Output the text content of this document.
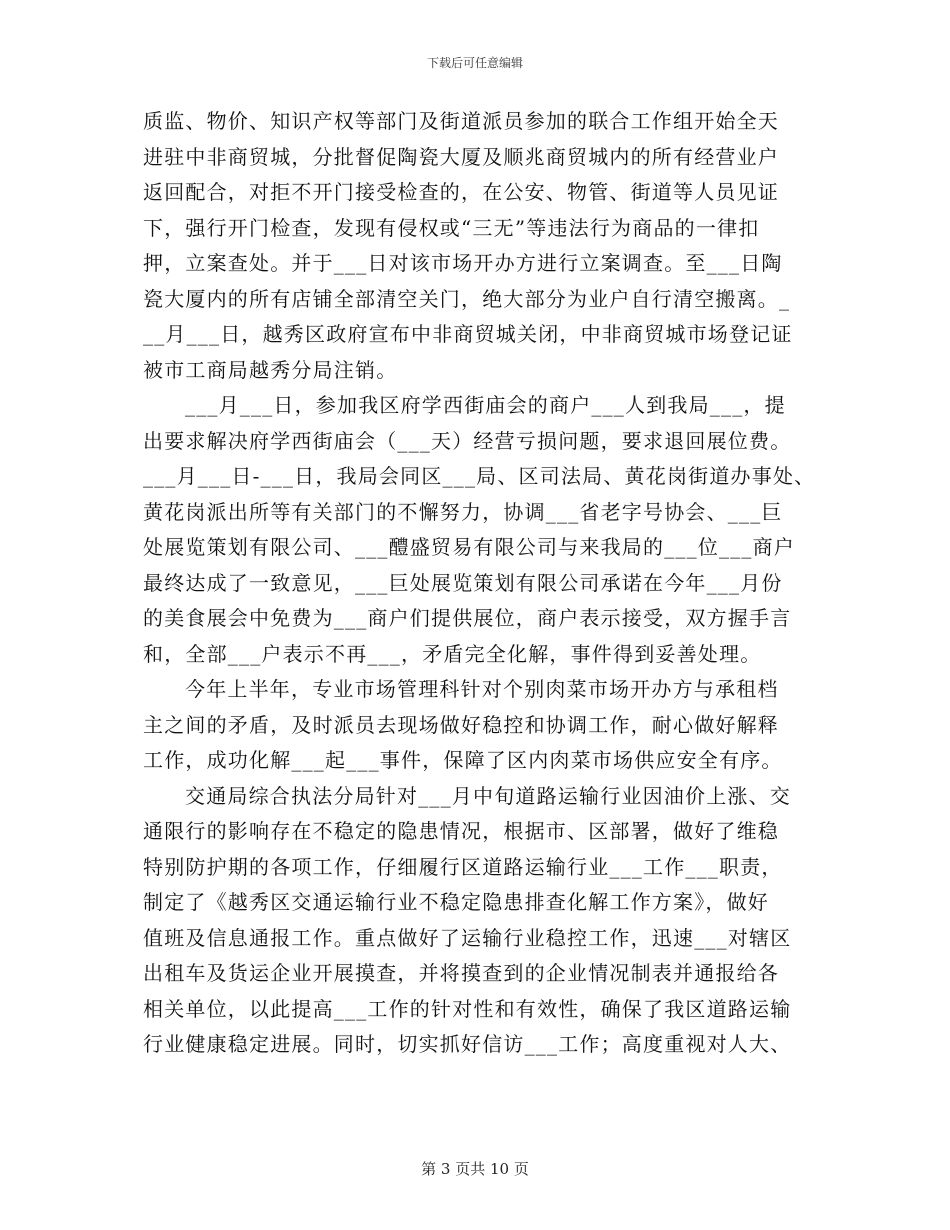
下载后可任意编辑
质监、物价、知识产权等部门及街道派员参加的联合工作组开始全天
进驻中非商贸城，分批督促陶瓷大厦及顺兆商贸城内的所有经营业户
返回配合，对拒不开门接受检查的，在公安、物管、街道等人员见证
下，强行开门检查，发现有侵权或“三无”等违法行为商品的一律扣
押，立案查处。并于___日对该市场开办方进行立案调查。至___日陶
瓷大厦内的所有店铺全部清空关门，绝大部分为业户自行清空搬离。_
__月___日，越秀区政府宣布中非商贸城关闭，中非商贸城市场登记证
被市工商局越秀分局注销。
___月___日，参加我区府学西街庙会的商户___人到我局___，提
出要求解决府学西街庙会（___天）经营亏损问题，要求退回展位费。
___月___日-___日，我局会同区___局、区司法局、黄花岗街道办事处、
黄花岗派出所等有关部门的不懈努力，协调___省老字号协会、___巨
处展览策划有限公司、___醴盛贸易有限公司与来我局的___位___商户
最终达成了一致意见，___巨处展览策划有限公司承诺在今年___月份
的美食展会中免费为___商户们提供展位，商户表示接受，双方握手言
和，全部___户表示不再___，矛盾完全化解，事件得到妥善处理。
今年上半年，专业市场管理科针对个别肉菜市场开办方与承租档
主之间的矛盾，及时派员去现场做好稳控和协调工作，耐心做好解释
工作，成功化解___起___事件，保障了区内肉菜市场供应安全有序。
交通局综合执法分局针对___月中旬道路运输行业因油价上涨、交
通限行的影响存在不稳定的隐患情况，根据市、区部署，做好了维稳
特别防护期的各项工作，仔细履行区道路运输行业___工作___职责，
制定了《越秀区交通运输行业不稳定隐患排查化解工作方案》，做好
值班及信息通报工作。重点做好了运输行业稳控工作，迅速___对辖区
出租车及货运企业开展摸查，并将摸查到的企业情况制表并通报给各
相关单位，以此提高___工作的针对性和有效性，确保了我区道路运输
行业健康稳定进展。同时，切实抓好信访___工作；高度重视对人大、
第 3 页共 10 页
